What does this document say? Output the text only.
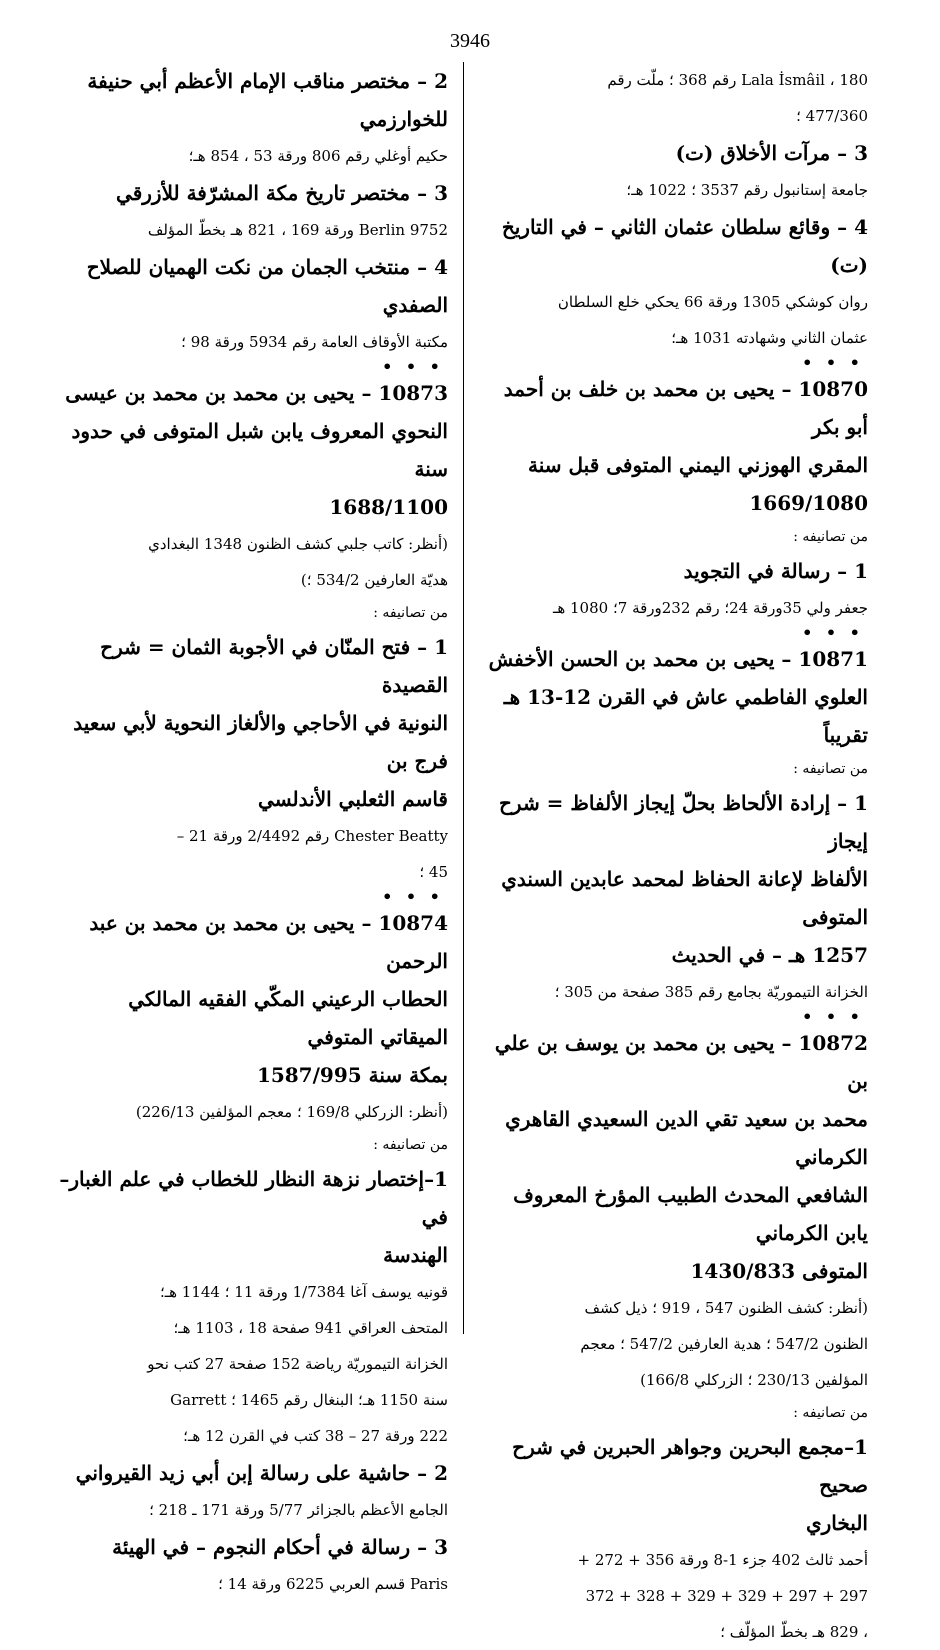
3946

180 ، Lala İsmâil رقم 368 ؛ ملّت رقم

477/360 ؛

3 – مرآت الأخلاق (ت)

جامعة إستانبول رقم 3537 ؛ 1022 هـ؛

4 – وقائع سلطان عثمان الثاني – في التاريخ (ت)

روان كوشكي 1305 ورقة 66 يحكي خلع السلطان

عثمان الثاني وشهادته 1031 هـ؛

• • •

10870 – يحيى بن محمد بن خلف بن أحمد أبو بكر

المقري الهوزني اليمني المتوفى قبل سنة 1669/1080

من تصانيفه :

1 – رسالة في التجويد

جعفر ولي 35ورقة 24؛ رقم 232ورقة 7؛ 1080 هـ

• • •

10871 – يحيى بن محمد بن الحسن الأخفش

العلوي الفاطمي عاش في القرن 12-13 هـ تقريباً

من تصانيفه :

1 – إرادة الألحاظ بحلّ إيجاز الألفاظ = شرح إيجاز

الألفاظ لإعانة الحفاظ لمحمد عابدين السندي المتوفى

1257 هـ – في الحديث

الخزانة التيموريّة بجامع رقم 385 صفحة من 305 ؛

• • •

10872 – يحيى بن محمد بن يوسف بن علي بن

محمد بن سعيد تقي الدين السعيدي القاهري الكرماني

الشافعي المحدث الطبيب المؤرخ المعروف يابن الكرماني

المتوفى 1430/833

(أنظر: كشف الظنون 547 ، 919 ؛ ذيل كشف

الظنون 547/2 ؛ هدية العارفين 547/2 ؛ معجم

المؤلفين 230/13 ؛ الزركلي 166/8)

من تصانيفه :

1–مجمع البحرين وجواهر الحبرين في شرح صحيح

البخاري

أحمد ثالث 402 جزء 1-8 ورقة 356 + 272 +

297 + 297 + 329 + 329 + 328 + 372

، 829 هـ بخطّ المؤلّف ؛

2 – مختصر مناقب الإمام الأعظم أبي حنيفة للخوارزمي

حكيم أوغلي رقم 806 ورقة 53 ، 854 هـ؛

3 – مختصر تاريخ مكة المشرّفة للأزرقي

Berlin 9752 ورقة 169 ، 821 هـ بخطّ المؤلف

4 – منتخب الجمان من نكت الهميان للصلاح الصفدي

مكتبة الأوقاف العامة رقم 5934 ورقة 98 ؛

• • •

10873 – يحيى بن محمد بن محمد بن عيسى

النحوي المعروف يابن شبل المتوفى في حدود سنة

1688/1100

(أنظر: كاتب جلبي كشف الظنون 1348 البغدادي

هديّة العارفين 534/2 ؛)

من تصانيفه :

1 – فتح المنّان في الأجوبة الثمان = شرح القصيدة

النونية في الأحاجي والألغاز النحوية لأبي سعيد فرج بن

قاسم الثعلبي الأندلسي

Chester Beatty رقم 2/4492 ورقة 21 –

45 ؛

• • •

10874 – يحيى بن محمد بن محمد بن عبد الرحمن

الحطاب الرعيني المكّي الفقيه المالكي الميقاتي المتوفي

بمكة سنة 1587/995

(أنظر: الزركلي 169/8 ؛ معجم المؤلفين 226/13)

من تصانيفه :

1–إختصار نزهة النظار للخطاب في علم الغبار–في

الهندسة

قونيه يوسف آغا 1/7384 ورقة 11 ؛ 1144 هـ؛

المتحف العراقي 941 صفحة 18 ، 1103 هـ؛

الخزانة التيموريّة رياضة 152 صفحة 27 كتب نحو

سنة 1150 هـ؛ البنغال رقم 1465 ؛ Garrett

222 ورقة 27 – 38 كتب في القرن 12 هـ؛

2 – حاشية على رسالة إبن أبي زيد القيرواني

الجامع الأعظم بالجزائر 5/77 ورقة 171 ـ 218 ؛

3 – رسالة في أحكام النجوم – في الهيئة

Paris قسم العربي 6225 ورقة 14 ؛
